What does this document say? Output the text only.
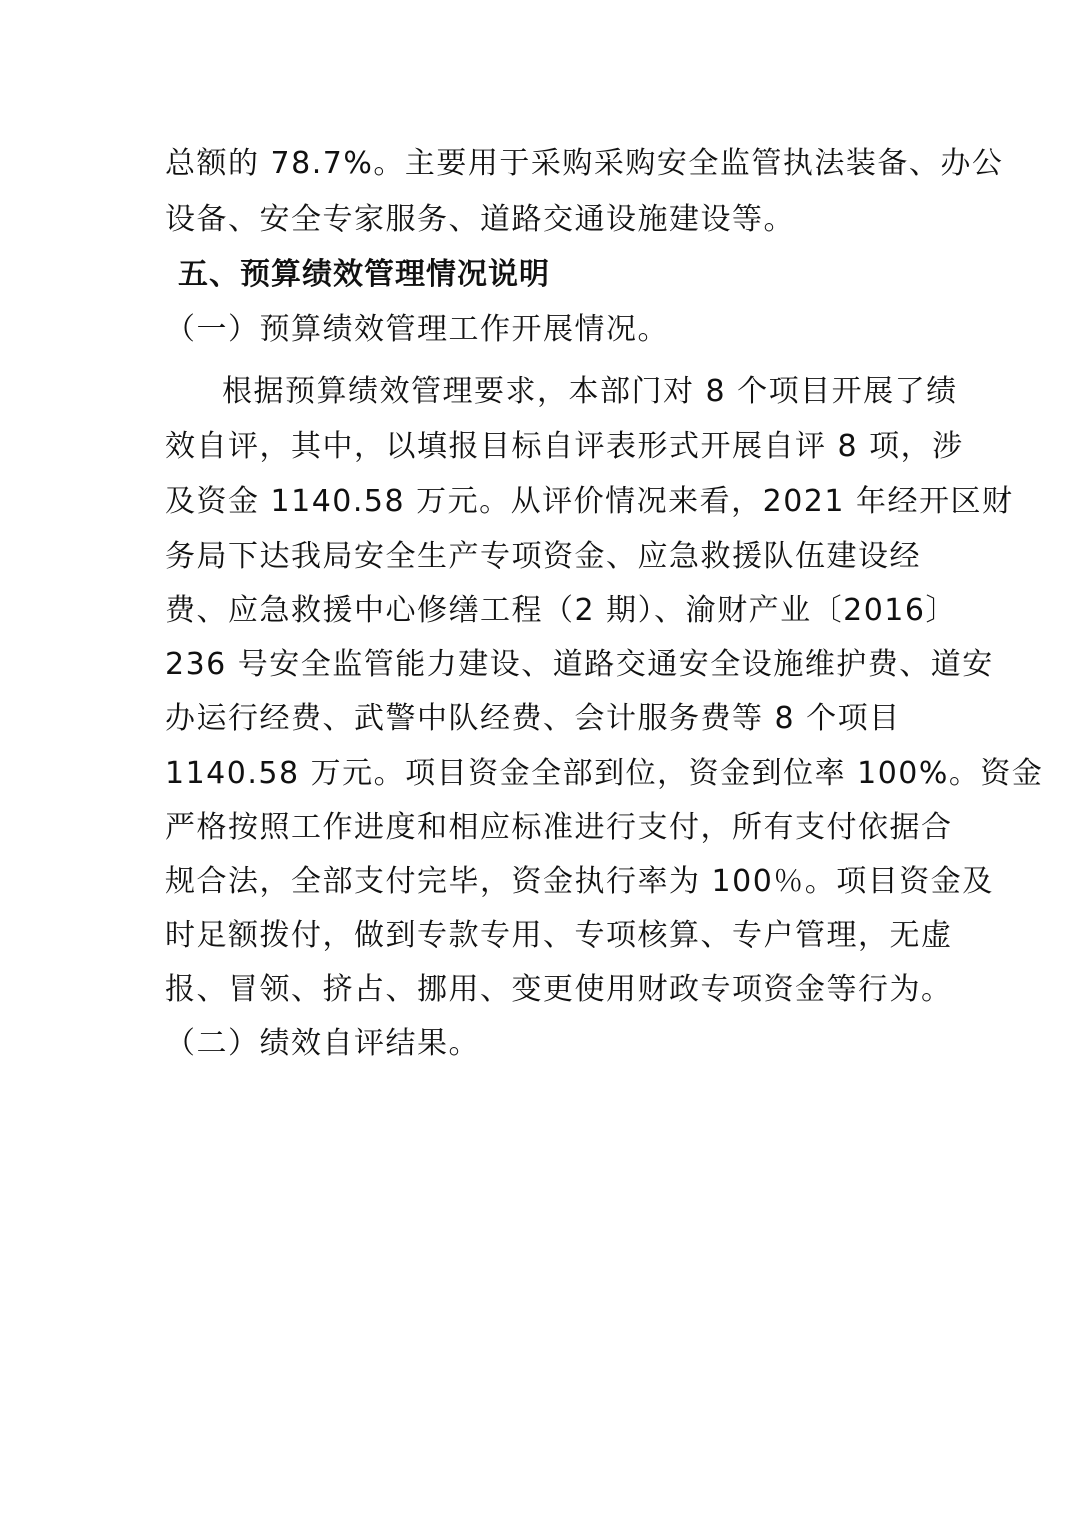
总额的 78.7%。主要用于采购采购安全监管执法装备、办公
设备、安全专家服务、道路交通设施建设等。
五、预算绩效管理情况说明
（一）预算绩效管理工作开展情况。
根据预算绩效管理要求，本部门对 8 个项目开展了绩
效自评，其中，以填报目标自评表形式开展自评 8 项，涉
及资金 1140.58 万元。从评价情况来看，2021 年经开区财
务局下达我局安全生产专项资金、应急救援队伍建设经
费、应急救援中心修缮工程（2 期）、渝财产业〔2016〕
236 号安全监管能力建设、道路交通安全设施维护费、道安
办运行经费、武警中队经费、会计服务费等 8 个项目
1140.58 万元。项目资金全部到位，资金到位率 100%。资金
严格按照工作进度和相应标准进行支付，所有支付依据合
规合法，全部支付完毕，资金执行率为 100％。项目资金及
时足额拨付，做到专款专用、专项核算、专户管理，无虚
报、冒领、挤占、挪用、变更使用财政专项资金等行为。
（二）绩效自评结果。
